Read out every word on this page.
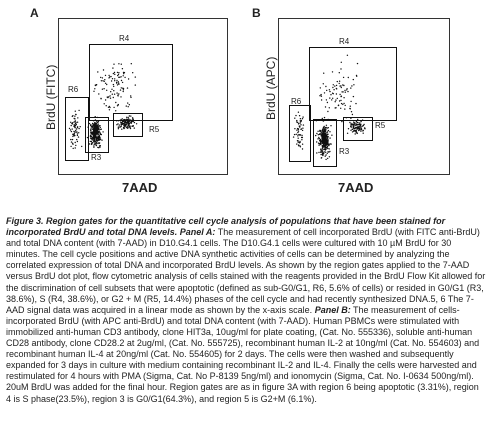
A
BrdU (FITC)
R4
R6
R3
R5
7AAD
B
BrdU (APC)
R4
R6
R3
R5
7AAD
Figure 3. Region gates for the quantitative cell cycle analysis of populations that have been stained for incorporated BrdU and total DNA levels. Panel A: The measurement of cell incorporated BrdU (with FITC anti-BrdU) and total DNA content (with 7-AAD) in D10.G4.1 cells. The D10.G4.1 cells were cultured with 10 µM BrdU for 30 minutes. The cell cycle positions and active DNA synthetic activities of cells can be determined by analyzing the correlated expression of total DNA and incorporated BrdU levels. As shown by the region gates applied to the 7-AAD versus BrdU dot plot, flow cytometric analysis of cells stained with the reagents provided in the BrdU Flow Kit allowed for the discrimination of cell subsets that were apoptotic (defined as sub-G0/G1, R6, 5.6% of cells) or resided in G0/G1 (R3, 38.6%), S (R4, 38.6%), or G2 + M (R5, 14.4%) phases of the cell cycle and had recently synthesized DNA.5, 6 The 7-AAD signal data was acquired in a linear mode as shown by the x-axis scale. Panel B: The measurement of cells-incorporated BrdU (with APC anti-BrdU) and total DNA content (with 7-AAD). Human PBMCs were stimulated with immobilized anti-human CD3 antibody, clone HIT3a, 10ug/ml for plate coating, (Cat. No. 555336), soluble anti-human CD28 antibody, clone CD28.2 at 2ug/ml, (Cat. No. 555725), recombinant human IL-2 at 10ng/ml (Cat. No. 554603) and recombinant human IL-4 at 20ng/ml (Cat. No. 554605) for 2 days. The cells were then washed and subsequently expanded for 3 days in culture with medium containing recombinant IL-2 and IL-4. Finally the cells were harvested and restimulated for 4 hours with PMA (Sigma, Cat. No P-8139 5ng/ml) and ionomycin (Sigma, Cat. No. I-0634 500ng/ml). 20uM BrdU was added for the final hour. Region gates are as in figure 3A with region 6 being apoptotic (3.31%), region 4 is S phase(23.5%), region 3 is G0/G1(64.3%), and region 5 is G2+M (6.1%).
